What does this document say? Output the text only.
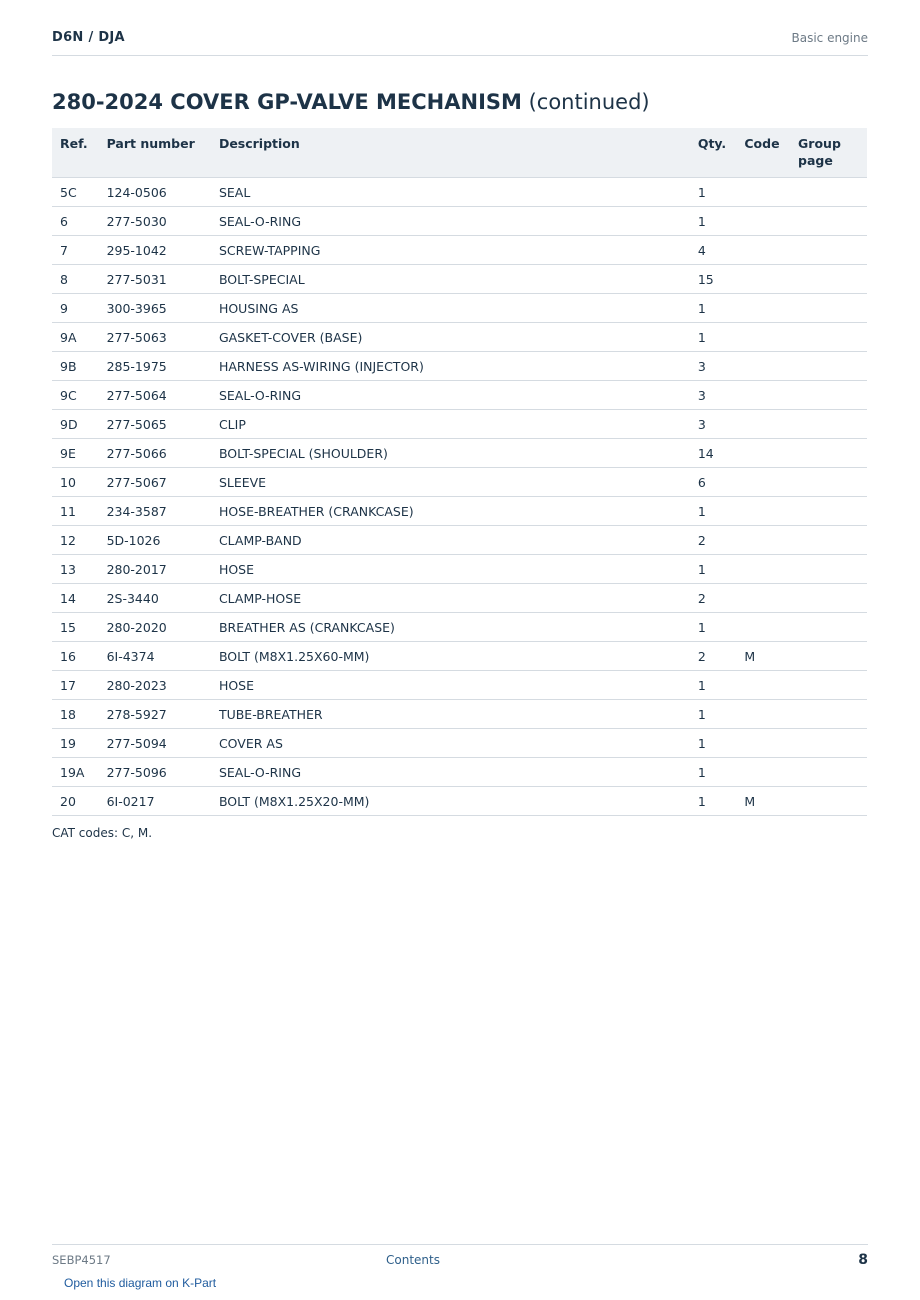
D6N / DJA	Basic engine
280-2024 COVER GP-VALVE MECHANISM (continued)
Ref.	Part number	Description	Qty.	Code	Group page
5C	124-0506	SEAL	1		
6	277-5030	SEAL-O-RING	1		
7	295-1042	SCREW-TAPPING	4		
8	277-5031	BOLT-SPECIAL	15		
9	300-3965	HOUSING AS	1		
9A	277-5063	GASKET-COVER (BASE)	1		
9B	285-1975	HARNESS AS-WIRING (INJECTOR)	3		
9C	277-5064	SEAL-O-RING	3		
9D	277-5065	CLIP	3		
9E	277-5066	BOLT-SPECIAL (SHOULDER)	14		
10	277-5067	SLEEVE	6		
11	234-3587	HOSE-BREATHER (CRANKCASE)	1		
12	5D-1026	CLAMP-BAND	2		
13	280-2017	HOSE	1		
14	2S-3440	CLAMP-HOSE	2		
15	280-2020	BREATHER AS (CRANKCASE)	1		
16	6I-4374	BOLT (M8X1.25X60-MM)	2	M	
17	280-2023	HOSE	1		
18	278-5927	TUBE-BREATHER	1		
19	277-5094	COVER AS	1		
19A	277-5096	SEAL-O-RING	1		
20	6I-0217	BOLT (M8X1.25X20-MM)	1	M	
CAT codes: C, M.
SEBP4517	Contents	8
Open this diagram on K-Part
